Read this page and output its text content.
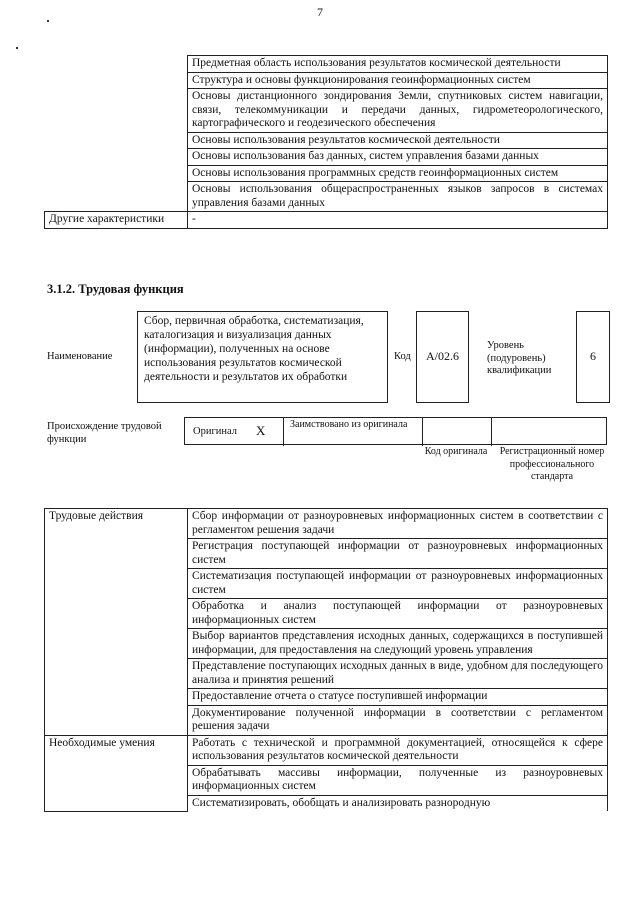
7
	Предметная область использования результатов космической деятельности
	Структура и основы функционирования геоинформационных систем
	Основы дистанционного зондирования Земли, спутниковых систем навигации, связи, телекоммуникации и передачи данных, гидрометеорологического, картографического и геодезического обеспечения
	Основы использования результатов космической деятельности
	Основы использования баз данных, систем управления базами данных
	Основы использования программных средств геоинформационных систем
	Основы использования общераспространенных языков запросов в системах управления базами данных
Другие характеристики	-
3.1.2. Трудовая функция
Наименование
Сбор, первичная обработка, систематизация, каталогизация и визуализация данных (информации), полученных на основе использования результатов космической деятельности и результатов их обработки
Код	A/02.6
Уровень (подуровень) квалификации
6
Происхождение трудовой функции
Оригинал X Заимствовано из оригинала
Код оригинала	Регистрационный номер профессионального стандарта
Трудовые действия	Сбор информации от разноуровневых информационных систем в соответствии с регламентом решения задачи
	Регистрация поступающей информации от разноуровневых информационных систем
	Систематизация поступающей информации от разноуровневых информационных систем
	Обработка и анализ поступающей информации от разноуровневых информационных систем
	Выбор вариантов представления исходных данных, содержащихся в поступившей информации, для предоставления на следующий уровень управления
	Представление поступающих исходных данных в виде, удобном для последующего анализа и принятия решений
	Предоставление отчета о статусе поступившей информации
	Документирование полученной информации в соответствии с регламентом решения задачи
Необходимые умения	Работать с технической и программной документацией, относящейся к сфере использования результатов космической деятельности
	Обрабатывать массивы информации, полученные из разноуровневых информационных систем
	Систематизировать, обобщать и анализировать разнородную
